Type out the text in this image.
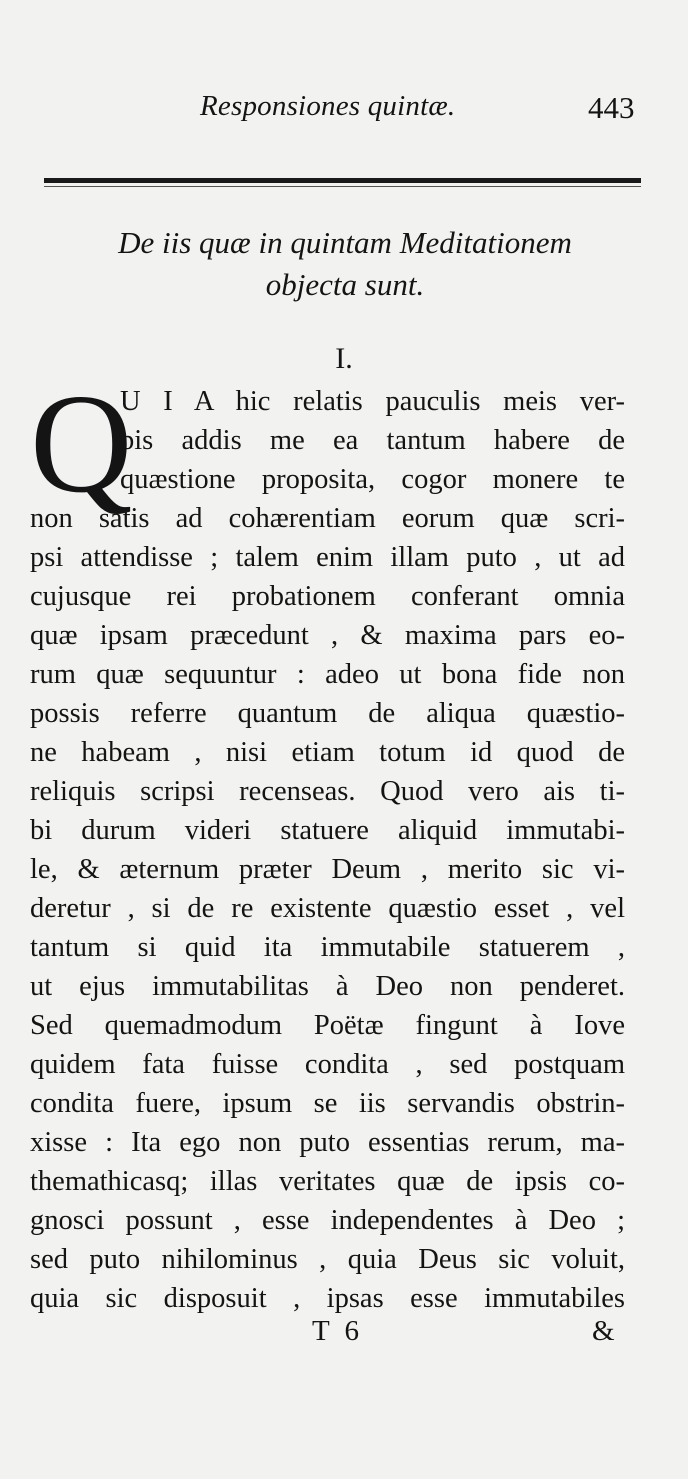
Responsiones quintæ.	443
De iis quæ in quintam Meditationem
objecta sunt.
I.
Q
U I A hic relatis pauculis meis ver-
bis addis me ea tantum habere de
quæstione proposita, cogor monere te
non satis ad cohærentiam eorum quæ scri-
psi attendisse ; talem enim illam puto , ut ad
cujusque rei probationem conferant omnia
quæ ipsam præcedunt , & maxima pars eo-
rum quæ sequuntur : adeo ut bona fide non
possis referre quantum de aliqua quæstio-
ne habeam , nisi etiam totum id quod de
reliquis scripsi recenseas. Quod vero ais ti-
bi durum videri statuere aliquid immutabi-
le, & æternum præter Deum , merito sic vi-
deretur , si de re existente quæstio esset , vel
tantum si quid ita immutabile statuerem ,
ut ejus immutabilitas à Deo non penderet.
Sed quemadmodum Poëtæ fingunt à Iove
quidem fata fuisse condita , sed postquam
condita fuere, ipsum se iis servandis obstrin-
xisse : Ita ego non puto essentias rerum, ma-
themathicasq; illas veritates quæ de ipsis co-
gnosci possunt , esse independentes à Deo ;
sed puto nihilominus , quia Deus sic voluit,
quia sic disposuit , ipsas esse immutabiles
T 6	&
